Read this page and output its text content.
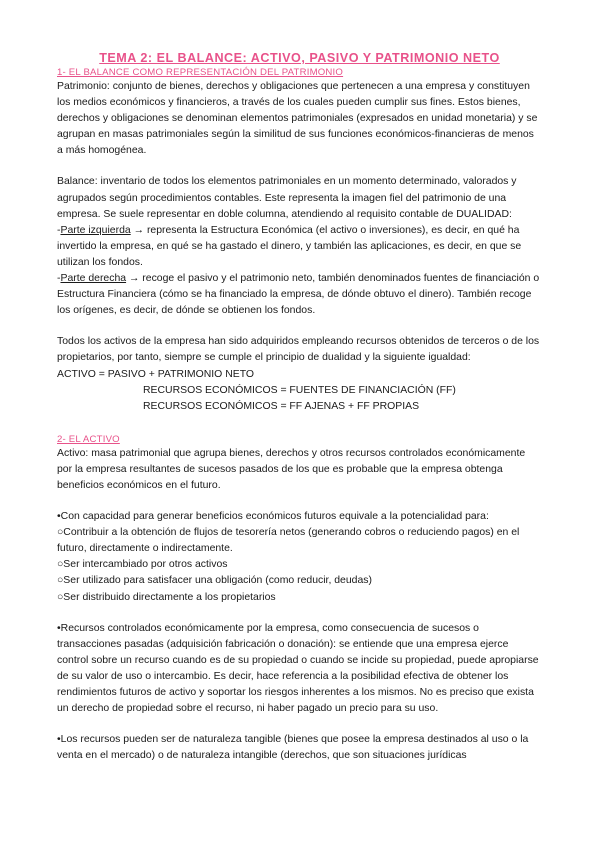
TEMA 2: EL BALANCE: ACTIVO, PASIVO Y PATRIMONIO NETO
1- EL BALANCE COMO REPRESENTACIÓN DEL PATRIMONIO

Patrimonio: conjunto de bienes, derechos y obligaciones que pertenecen a una empresa y constituyen los medios económicos y financieros, a través de los cuales pueden cumplir sus fines. Estos bienes, derechos y obligaciones se denominan elementos patrimoniales (expresados en unidad monetaria) y se agrupan en masas patrimoniales según la similitud de sus funciones económicos-financieras de menos a más homogénea.

Balance: inventario de todos los elementos patrimoniales en un momento determinado, valorados y agrupados según procedimientos contables. Este representa la imagen fiel del patrimonio de una empresa. Se suele representar en doble columna, atendiendo al requisito contable de DUALIDAD:

-Parte izquierda → representa la Estructura Económica (el activo o inversiones), es decir, en qué ha invertido la empresa, en qué se ha gastado el dinero, y también las aplicaciones, es decir, en que se utilizan los fondos.

-Parte derecha → recoge el pasivo y el patrimonio neto, también denominados fuentes de financiación o Estructura Financiera (cómo se ha financiado la empresa, de dónde obtuvo el dinero). También recoge los orígenes, es decir, de dónde se obtienen los fondos.

Todos los activos de la empresa han sido adquiridos empleando recursos obtenidos de terceros o de los propietarios, por tanto, siempre se cumple el principio de dualidad y la siguiente igualdad:

ACTIVO = PASIVO + PATRIMONIO NETO
RECURSOS ECONÓMICOS = FUENTES DE FINANCIACIÓN (FF)
RECURSOS ECONÓMICOS = FF AJENAS + FF PROPIAS
2- EL ACTIVO

Activo: masa patrimonial que agrupa bienes, derechos y otros recursos controlados económicamente por la empresa resultantes de sucesos pasados de los que es probable que la empresa obtenga beneficios económicos en el futuro.

•Con capacidad para generar beneficios económicos futuros equivale a la potencialidad para:

○Contribuir a la obtención de flujos de tesorería netos (generando cobros o reduciendo pagos) en el futuro, directamente o indirectamente.

○Ser intercambiado por otros activos

○Ser utilizado para satisfacer una obligación (como reducir, deudas)

○Ser distribuido directamente a los propietarios

•Recursos controlados económicamente por la empresa, como consecuencia de sucesos o transacciones pasadas (adquisición fabricación o donación): se entiende que una empresa ejerce control sobre un recurso cuando es de su propiedad o cuando se incide su propiedad, puede apropiarse de su valor de uso o intercambio. Es decir, hace referencia a la posibilidad efectiva de obtener los rendimientos futuros de activo y soportar los riesgos inherentes a los mismos. No es preciso que exista un derecho de propiedad sobre el recurso, ni haber pagado un precio para su uso.

•Los recursos pueden ser de naturaleza tangible (bienes que posee la empresa destinados al uso o la venta en el mercado) o de naturaleza intangible (derechos, que son situaciones jurídicas
